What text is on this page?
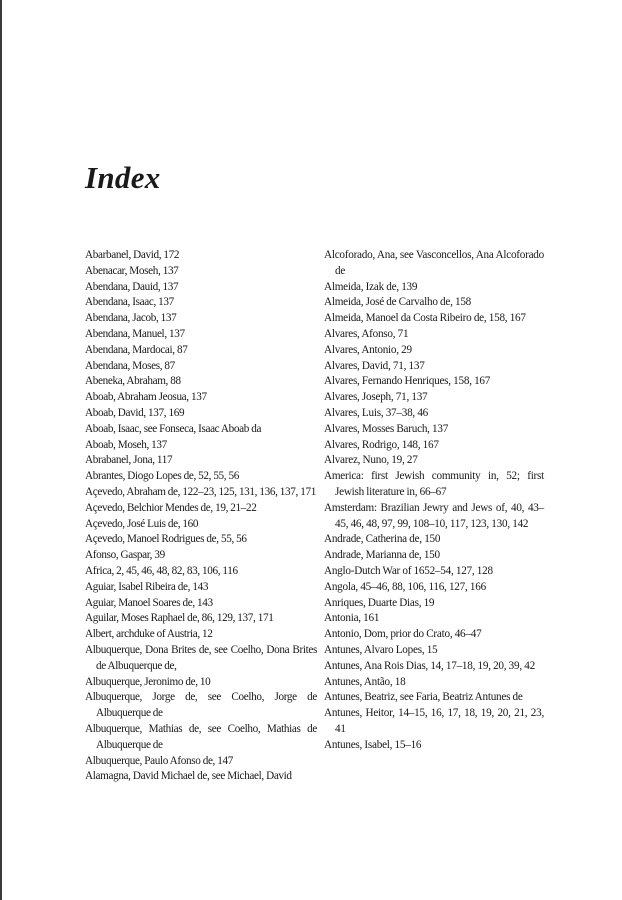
Index
Abarbanel, David, 172
Abenacar, Moseh, 137
Abendana, Dauid, 137
Abendana, Isaac, 137
Abendana, Jacob, 137
Abendana, Manuel, 137
Abendana, Mardocai, 87
Abendana, Moses, 87
Abeneka, Abraham, 88
Aboab, Abraham Jeosua, 137
Aboab, David, 137, 169
Aboab, Isaac, see Fonseca, Isaac Aboab da
Aboab, Moseh, 137
Abrabanel, Jona, 117
Abrantes, Diogo Lopes de, 52, 55, 56
Açevedo, Abraham de, 122–23, 125, 131, 136, 137, 171
Açevedo, Belchior Mendes de, 19, 21–22
Açevedo, José Luis de, 160
Açevedo, Manoel Rodrigues de, 55, 56
Afonso, Gaspar, 39
Africa, 2, 45, 46, 48, 82, 83, 106, 116
Aguiar, Isabel Ribeira de, 143
Aguiar, Manoel Soares de, 143
Aguilar, Moses Raphael de, 86, 129, 137, 171
Albert, archduke of Austria, 12
Albuquerque, Dona Brites de, see Coelho, Dona Brites de Albuquerque de,
Albuquerque, Jeronimo de, 10
Albuquerque, Jorge de, see Coelho, Jorge de Albuquerque de
Albuquerque, Mathias de, see Coelho, Mathias de Albuquerque de
Albuquerque, Paulo Afonso de, 147
Alamagna, David Michael de, see Michael, David
Alcoforado, Ana, see Vasconcellos, Ana Alcoforado de
Almeida, Izak de, 139
Almeida, José de Carvalho de, 158
Almeida, Manoel da Costa Ribeiro de, 158, 167
Alvares, Afonso, 71
Alvares, Antonio, 29
Alvares, David, 71, 137
Alvares, Fernando Henriques, 158, 167
Alvares, Joseph, 71, 137
Alvares, Luis, 37–38, 46
Alvares, Mosses Baruch, 137
Alvares, Rodrigo, 148, 167
Alvarez, Nuno, 19, 27
America: first Jewish community in, 52; first Jewish literature in, 66–67
Amsterdam: Brazilian Jewry and Jews of, 40, 43–45, 46, 48, 97, 99, 108–10, 117, 123, 130, 142
Andrade, Catherina de, 150
Andrade, Marianna de, 150
Anglo-Dutch War of 1652–54, 127, 128
Angola, 45–46, 88, 106, 116, 127, 166
Anriques, Duarte Dias, 19
Antonia, 161
Antonio, Dom, prior do Crato, 46–47
Antunes, Alvaro Lopes, 15
Antunes, Ana Rois Dias, 14, 17–18, 19, 20, 39, 42
Antunes, Antão, 18
Antunes, Beatriz, see Faria, Beatriz Antunes de
Antunes, Heitor, 14–15, 16, 17, 18, 19, 20, 21, 23, 41
Antunes, Isabel, 15–16
